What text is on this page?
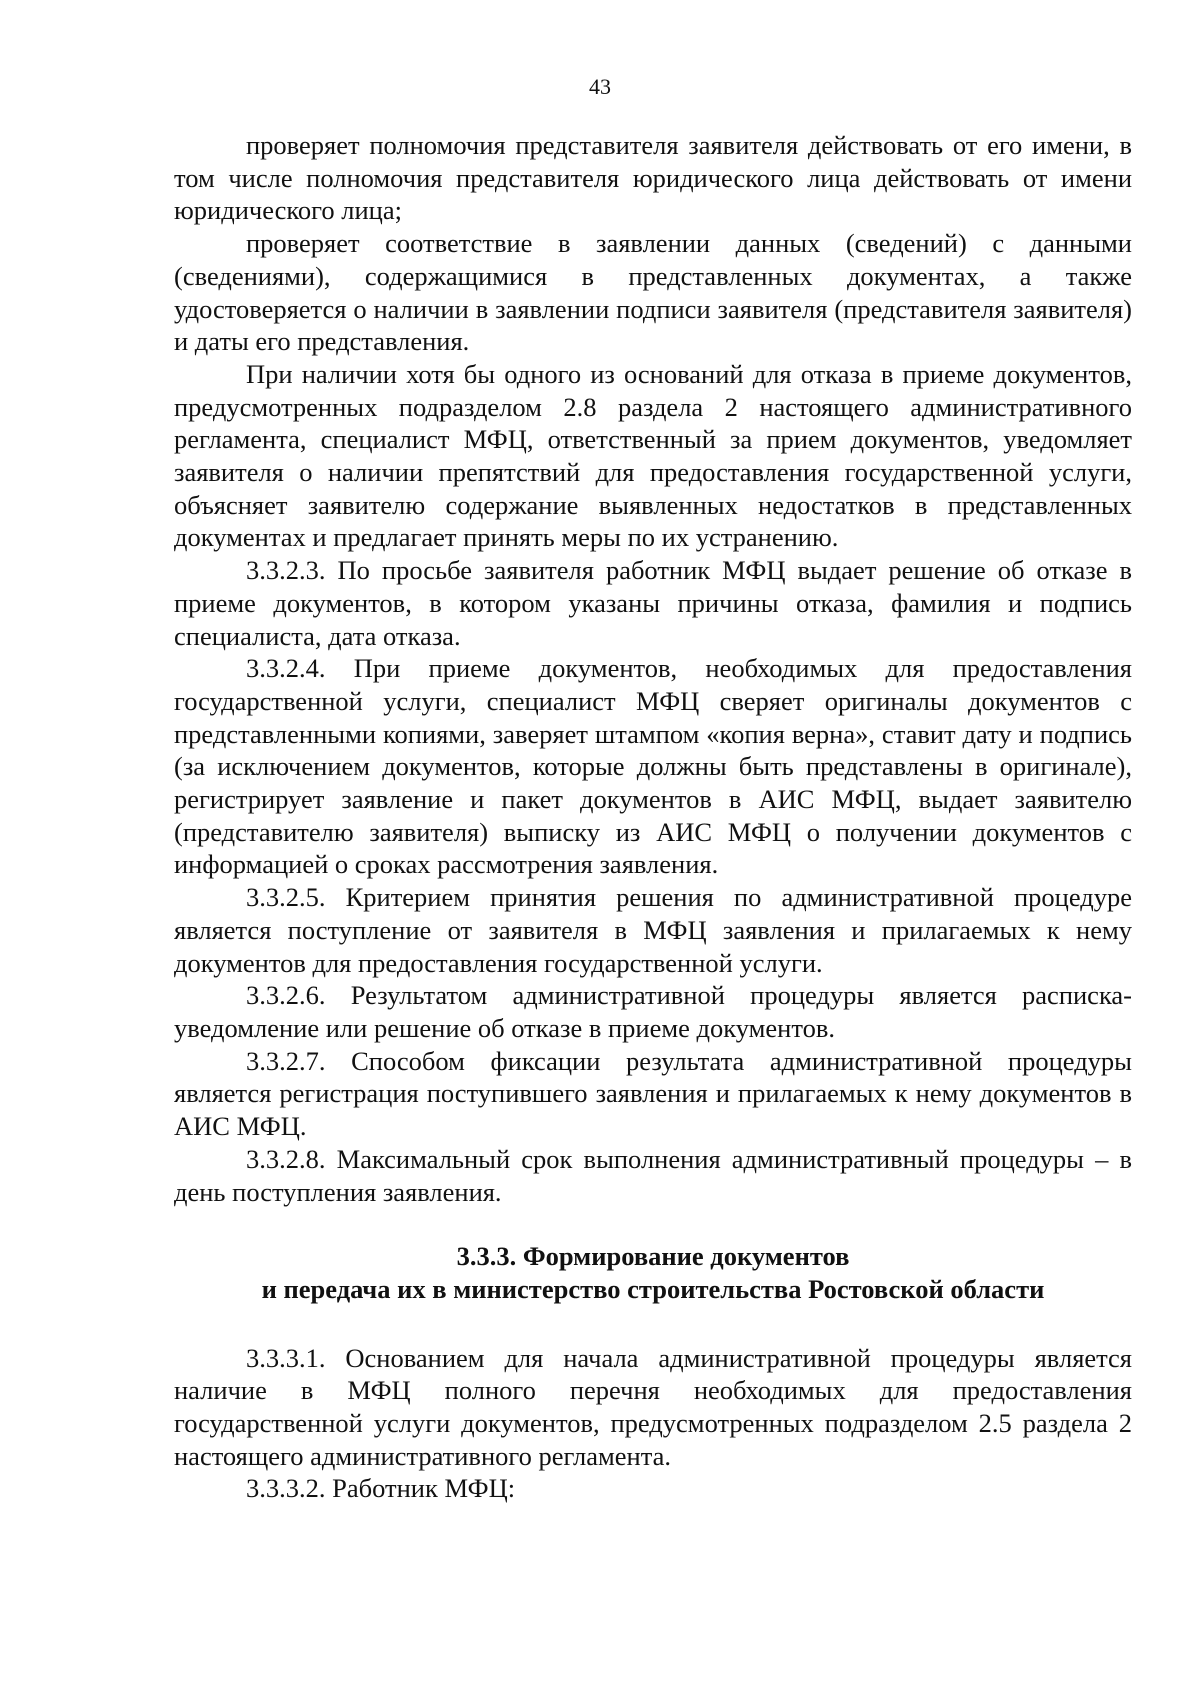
43

проверяет полномочия представителя заявителя действовать от его имени, в том числе полномочия представителя юридического лица действовать от имени юридического лица;

проверяет соответствие в заявлении данных (сведений) с данными (сведениями), содержащимися в представленных документах, а также удостоверяется о наличии в заявлении подписи заявителя (представителя заявителя) и даты его представления.

При наличии хотя бы одного из оснований для отказа в приеме документов, предусмотренных подразделом 2.8 раздела 2 настоящего административного регламента, специалист МФЦ, ответственный за прием документов, уведомляет заявителя о наличии препятствий для предоставления государственной услуги, объясняет заявителю содержание выявленных недостатков в представленных документах и предлагает принять меры по их устранению.

3.3.2.3. По просьбе заявителя работник МФЦ выдает решение об отказе в приеме документов, в котором указаны причины отказа, фамилия и подпись специалиста, дата отказа.

3.3.2.4. При приеме документов, необходимых для предоставления государственной услуги, специалист МФЦ сверяет оригиналы документов с представленными копиями, заверяет штампом «копия верна», ставит дату и подпись (за исключением документов, которые должны быть представлены в оригинале), регистрирует заявление и пакет документов в АИС МФЦ, выдает заявителю (представителю заявителя) выписку из АИС МФЦ о получении документов с информацией о сроках рассмотрения заявления.

3.3.2.5. Критерием принятия решения по административной процедуре является поступление от заявителя в МФЦ заявления и прилагаемых к нему документов для предоставления государственной услуги.

3.3.2.6. Результатом административной процедуры является расписка-уведомление или решение об отказе в приеме документов.

3.3.2.7. Способом фиксации результата административной процедуры является регистрация поступившего заявления и прилагаемых к нему документов в АИС МФЦ.

3.3.2.8. Максимальный срок выполнения административный процедуры – в день поступления заявления.

3.3.3. Формирование документов
и передача их в министерство строительства Ростовской области

3.3.3.1. Основанием для начала административной процедуры является наличие в МФЦ полного перечня необходимых для предоставления государственной услуги документов, предусмотренных подразделом 2.5 раздела 2 настоящего административного регламента.

3.3.3.2. Работник МФЦ:
